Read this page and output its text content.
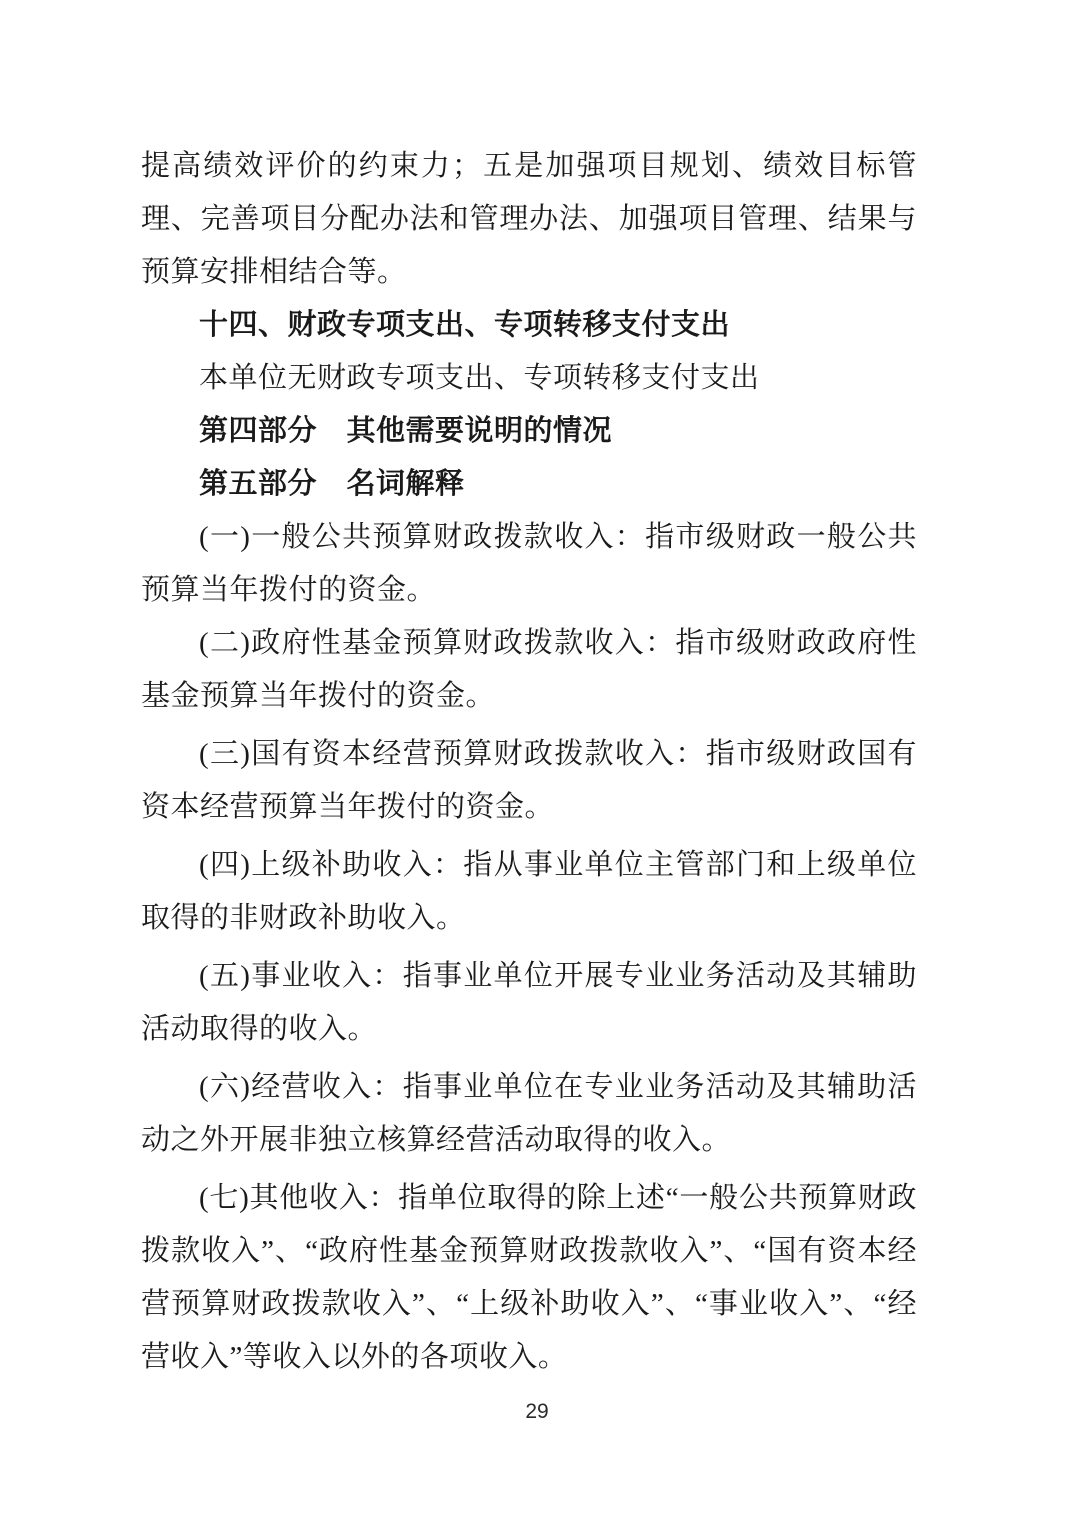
提高绩效评价的约束力；五是加强项目规划、绩效目标管理、完善项目分配办法和管理办法、加强项目管理、结果与预算安排相结合等。

十四、财政专项支出、专项转移支付支出

本单位无财政专项支出、专项转移支付支出

第四部分　其他需要说明的情况

第五部分　名词解释

(一)一般公共预算财政拨款收入：指市级财政一般公共预算当年拨付的资金。

(二)政府性基金预算财政拨款收入：指市级财政政府性基金预算当年拨付的资金。

(三)国有资本经营预算财政拨款收入：指市级财政国有资本经营预算当年拨付的资金。

(四)上级补助收入：指从事业单位主管部门和上级单位取得的非财政补助收入。

(五)事业收入：指事业单位开展专业业务活动及其辅助活动取得的收入。

(六)经营收入：指事业单位在专业业务活动及其辅助活动之外开展非独立核算经营活动取得的收入。

(七)其他收入：指单位取得的除上述“一般公共预算财政拨款收入”、“政府性基金预算财政拨款收入”、“国有资本经营预算财政拨款收入”、“上级补助收入”、“事业收入”、“经营收入”等收入以外的各项收入。

29
